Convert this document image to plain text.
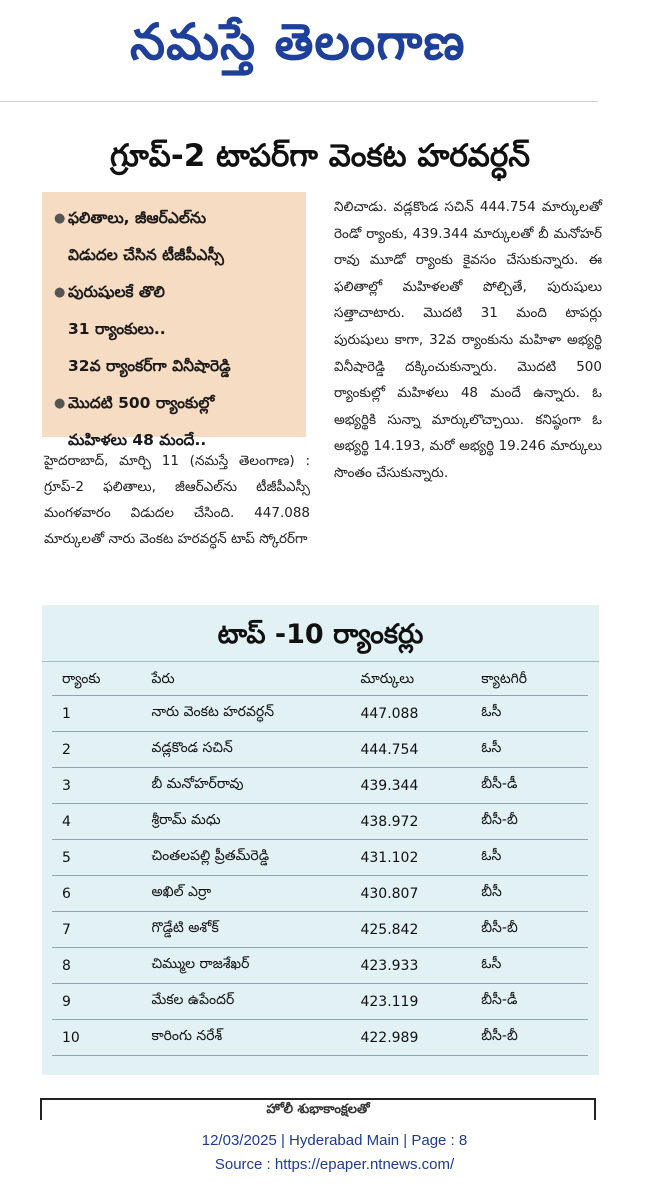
నమస్తే తెలంగాణ
గ్రూప్-2 టాపర్‌గా వెంకట హరవర్ధన్
● ఫలితాలు, జీఆర్‌ఎల్‌ను
విడుదల చేసిన టీజీపీఎస్సీ
● పురుషులకే తొలి
31 ర్యాంకులు..
32వ ర్యాంకర్‌గా వినీషారెడ్డి
● మొదటి 500 ర్యాంకుల్లో
మహిళలు 48 మందే..
హైదరాబాద్, మార్చి 11 (నమస్తే తెలంగాణ) : గ్రూప్-2 ఫలితాలు, జీఆర్‌ఎల్‌ను టీజీపీఎస్సీ మంగళవారం విడుదల చేసింది. 447.088 మార్కులతో నారు వెంకట హరవర్ధన్ టాప్ స్కోరర్‌గా
నిలిచాడు. వడ్లకొండ సచిన్ 444.754 మార్కులతో రెండో ర్యాంకు, 439.344 మార్కులతో బీ మనోహర్ రావు మూడో ర్యాంకు కైవసం చేసుకున్నారు. ఈ ఫలితాల్లో మహిళలతో పోల్చితే, పురుషులు సత్తాచాటారు. మొదటి 31 మంది టాపర్లు పురుషులు కాగా, 32వ ర్యాంకును మహిళా అభ్యర్థి వినీషారెడ్డి దక్కించుకున్నారు. మొదటి 500 ర్యాంకుల్లో మహిళలు 48 మందే ఉన్నారు. ఓ అభ్యర్థికి సున్నా మార్కులొచ్చాయి. కనిష్ఠంగా ఓ అభ్యర్థి 14.193, మరో అభ్యర్థి 19.246 మార్కులు సొంతం చేసుకున్నారు.
టాప్ -10 ర్యాంకర్లు
ర్యాంకు	పేరు	మార్కులు	క్యాటగిరీ
1	నారు వెంకట హరవర్ధన్	447.088	ఓసీ
2	వడ్లకొండ సచిన్	444.754	ఓసీ
3	బీ మనోహర్‌రావు	439.344	బీసీ-డీ
4	శ్రీరామ్ మధు	438.972	బీసీ-బీ
5	చింతలపల్లి ప్రీతమ్‌రెడ్డి	431.102	ఓసీ
6	అఖిల్ ఎర్రా	430.807	బీసీ
7	గొడ్డేటి అశోక్	425.842	బీసీ-బీ
8	చిమ్ముల రాజశేఖర్	423.933	ఓసీ
9	మేకల ఉపేందర్	423.119	బీసీ-డీ
10	కారింగు నరేశ్	422.989	బీసీ-బీ
హోలీ శుభాకాంక్షలతో
12/03/2025 | Hyderabad Main | Page : 8
Source : https://epaper.ntnews.com/
